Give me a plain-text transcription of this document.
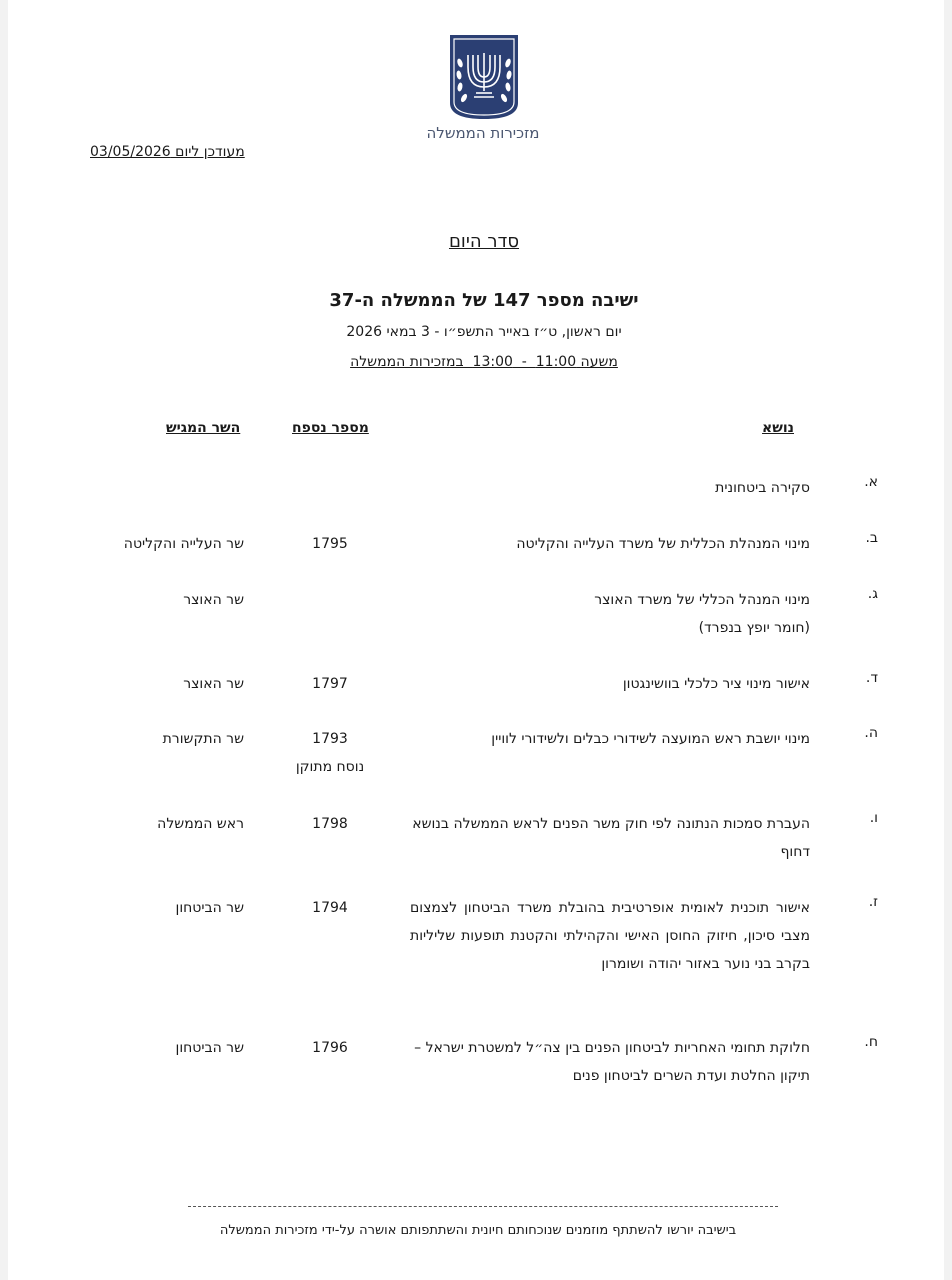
מזכירות הממשלה
מעודכן ליום 03/05/2026
סדר היום
ישיבה מספר 147 של הממשלה ה-37
יום ראשון, ט״ז באייר התשפ״ו - 3 במאי 2026
משעה 11:00  -  13:00  במזכירות הממשלה
נושא
מספר נספח
השר המגיש
א.
סקירה ביטחונית
ב.
מינוי המנהלת הכללית של משרד העלייה והקליטה
1795
שר העלייה והקליטה
ג.
מינוי המנהל הכללי של משרד האוצר
(חומר יופץ בנפרד)
שר האוצר
ד.
אישור מינוי ציר כלכלי בוושינגטון
1797
שר האוצר
ה.
מינוי יושבת ראש המועצה לשידורי כבלים ולשידורי לוויין
1793
נוסח מתוקן
שר התקשורת
ו.
העברת סמכות הנתונה לפי חוק משר הפנים לראש הממשלה בנושא דחוף
1798
ראש הממשלה
ז.
אישור תוכנית לאומית אופרטיבית בהובלת משרד הביטחון לצמצום מצבי סיכון, חיזוק החוסן האישי והקהילתי והקטנת תופעות שליליות בקרב בני נוער באזור יהודה ושומרון
1794
שר הביטחון
ח.
חלוקת תחומי האחריות לביטחון הפנים בין צה״ל למשטרת ישראל – תיקון החלטת ועדת השרים לביטחון פנים
1796
שר הביטחון
בישיבה יורשו להשתתף מוזמנים שנוכחותם חיונית והשתתפותם אושרה על-ידי מזכירות הממשלה
